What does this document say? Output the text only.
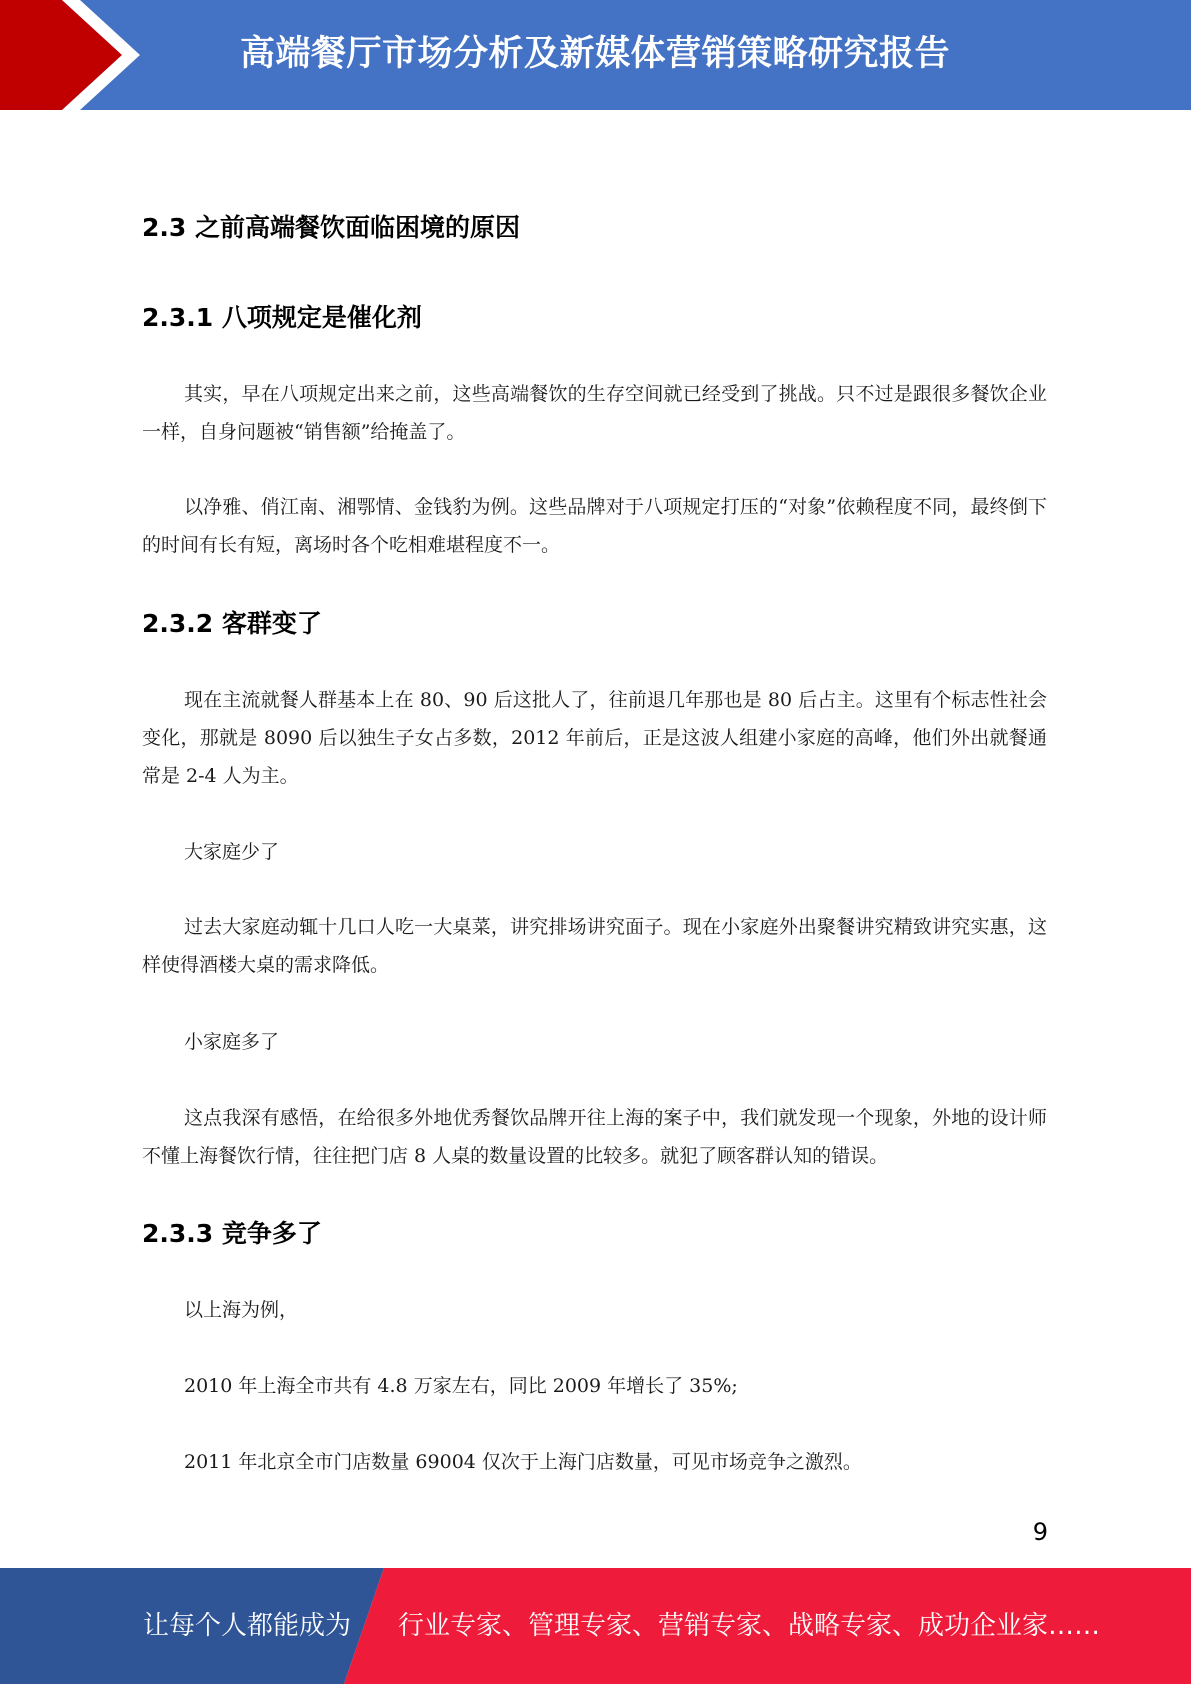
高端餐厅市场分析及新媒体营销策略研究报告
2.3 之前高端餐饮面临困境的原因
2.3.1 八项规定是催化剂
其实，早在八项规定出来之前，这些高端餐饮的生存空间就已经受到了挑战。只不过是跟很多餐饮企业一样，自身问题被“销售额”给掩盖了。
以净雅、俏江南、湘鄂情、金钱豹为例。这些品牌对于八项规定打压的“对象”依赖程度不同，最终倒下的时间有长有短，离场时各个吃相难堪程度不一。
2.3.2 客群变了
现在主流就餐人群基本上在 80、90 后这批人了，往前退几年那也是 80 后占主。这里有个标志性社会变化，那就是 8090 后以独生子女占多数，2012 年前后，正是这波人组建小家庭的高峰，他们外出就餐通常是 2-4 人为主。
大家庭少了
过去大家庭动辄十几口人吃一大桌菜，讲究排场讲究面子。现在小家庭外出聚餐讲究精致讲究实惠，这样使得酒楼大桌的需求降低。
小家庭多了
这点我深有感悟，在给很多外地优秀餐饮品牌开往上海的案子中，我们就发现一个现象，外地的设计师不懂上海餐饮行情，往往把门店 8 人桌的数量设置的比较多。就犯了顾客群认知的错误。
2.3.3 竞争多了
以上海为例，
2010 年上海全市共有 4.8 万家左右，同比 2009 年增长了 35%;
2011 年北京全市门店数量 69004 仅次于上海门店数量，可见市场竞争之激烈。
9
让每个人都能成为 行业专家、管理专家、营销专家、战略专家、成功企业家……
